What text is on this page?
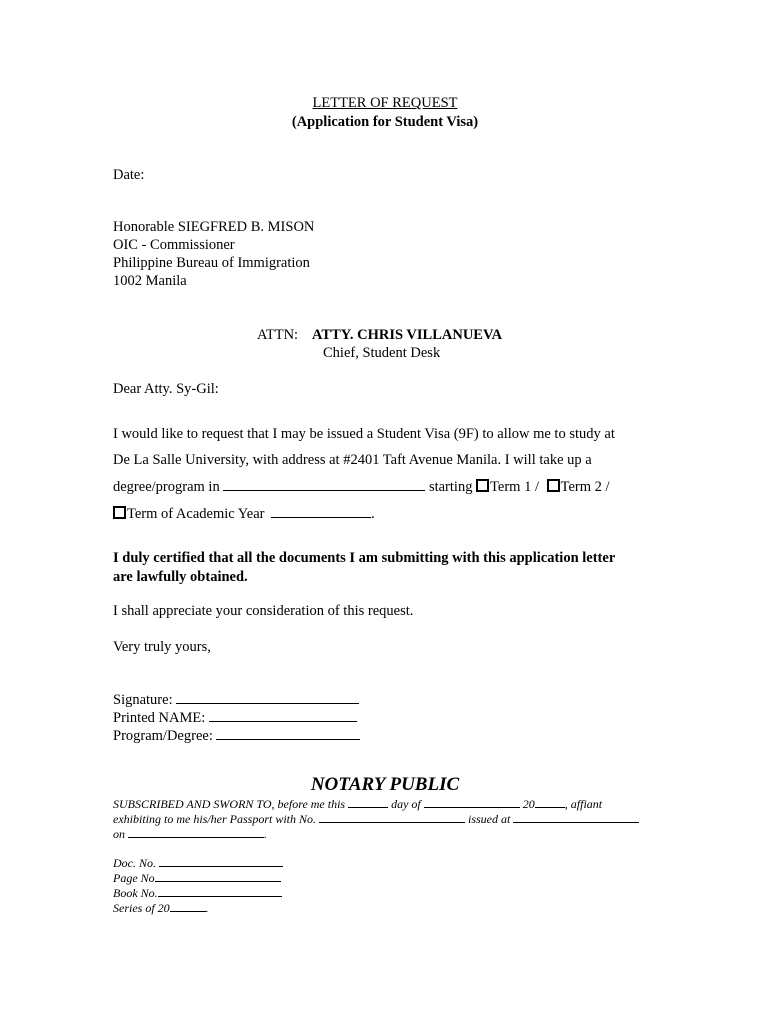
LETTER OF REQUEST
(Application for Student Visa)
Date:
Honorable SIEGFRED B. MISON
OIC - Commissioner
Philippine Bureau of Immigration
1002 Manila
ATTN: ATTY. CHRIS VILLANUEVA
Chief, Student Desk
Dear Atty. Sy-Gil:
I would like to request that I may be issued a Student Visa (9F) to allow me to study at
De La Salle University, with address at #2401 Taft Avenue Manila. I will take up a
degree/program in	starting Term 1 / Term 2 /
Term of Academic Year	.
I duly certified that all the documents I am submitting with this application letter
are lawfully obtained.
I shall appreciate your consideration of this request.
Very truly yours,
Signature:
Printed NAME:
Program/Degree:
NOTARY PUBLIC
SUBSCRIBED AND SWORN TO, before me this	day of	20	, affiant
exhibiting to me his/her Passport with No.	issued at
on	.
Doc. No.
Page No
Book No.
Series of 20	.
